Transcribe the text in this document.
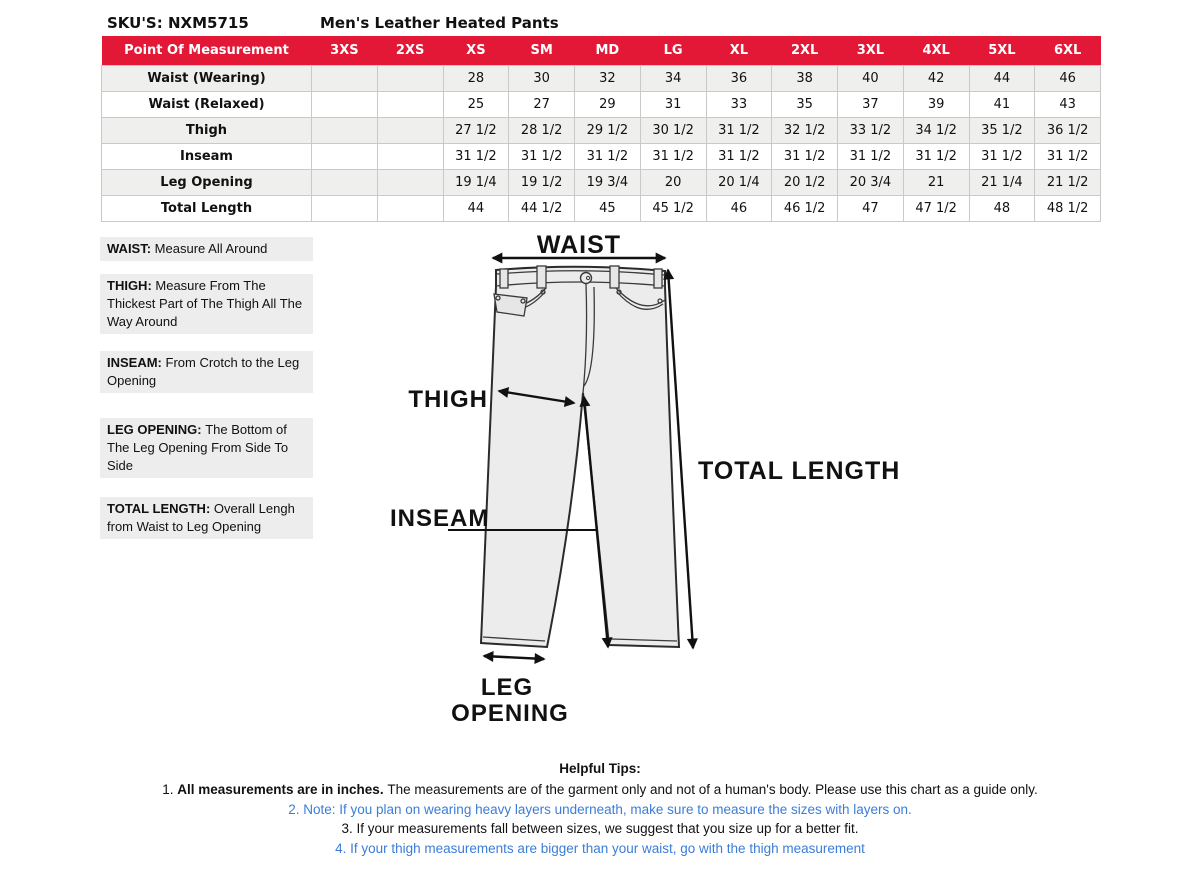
SKU'S: NXM5715	Men's Leather Heated Pants
Point Of Measurement	3XS	2XS	XS	SM	MD	LG	XL	2XL	3XL	4XL	5XL	6XL
Waist (Wearing)			28	30	32	34	36	38	40	42	44	46
Waist (Relaxed)			25	27	29	31	33	35	37	39	41	43
Thigh			27 1/2	28 1/2	29 1/2	30 1/2	31 1/2	32 1/2	33 1/2	34 1/2	35 1/2	36 1/2
Inseam			31 1/2	31 1/2	31 1/2	31 1/2	31 1/2	31 1/2	31 1/2	31 1/2	31 1/2	31 1/2
Leg Opening			19 1/4	19 1/2	19 3/4	20	20 1/4	20 1/2	20 3/4	21	21 1/4	21 1/2
Total Length			44	44 1/2	45	45 1/2	46	46 1/2	47	47 1/2	48	48 1/2
WAIST: Measure All Around
THIGH: Measure From The Thickest Part of The Thigh All The Way Around
INSEAM: From Crotch to the Leg Opening
LEG OPENING: The Bottom of The Leg Opening From Side To Side
TOTAL LENGTH: Overall Lengh from Waist to Leg Opening
WAIST
THIGH
INSEAM
TOTAL LENGTH
LEG
OPENING
Helpful Tips:
1. All measurements are in inches. The measurements are of the garment only and not of a human's body. Please use this chart as a guide only.
2. Note: If you plan on wearing heavy layers underneath, make sure to measure the sizes with layers on.
3. If your measurements fall between sizes, we suggest that you size up for a better fit.
4. If your thigh measurements are bigger than your waist, go with the thigh measurement
